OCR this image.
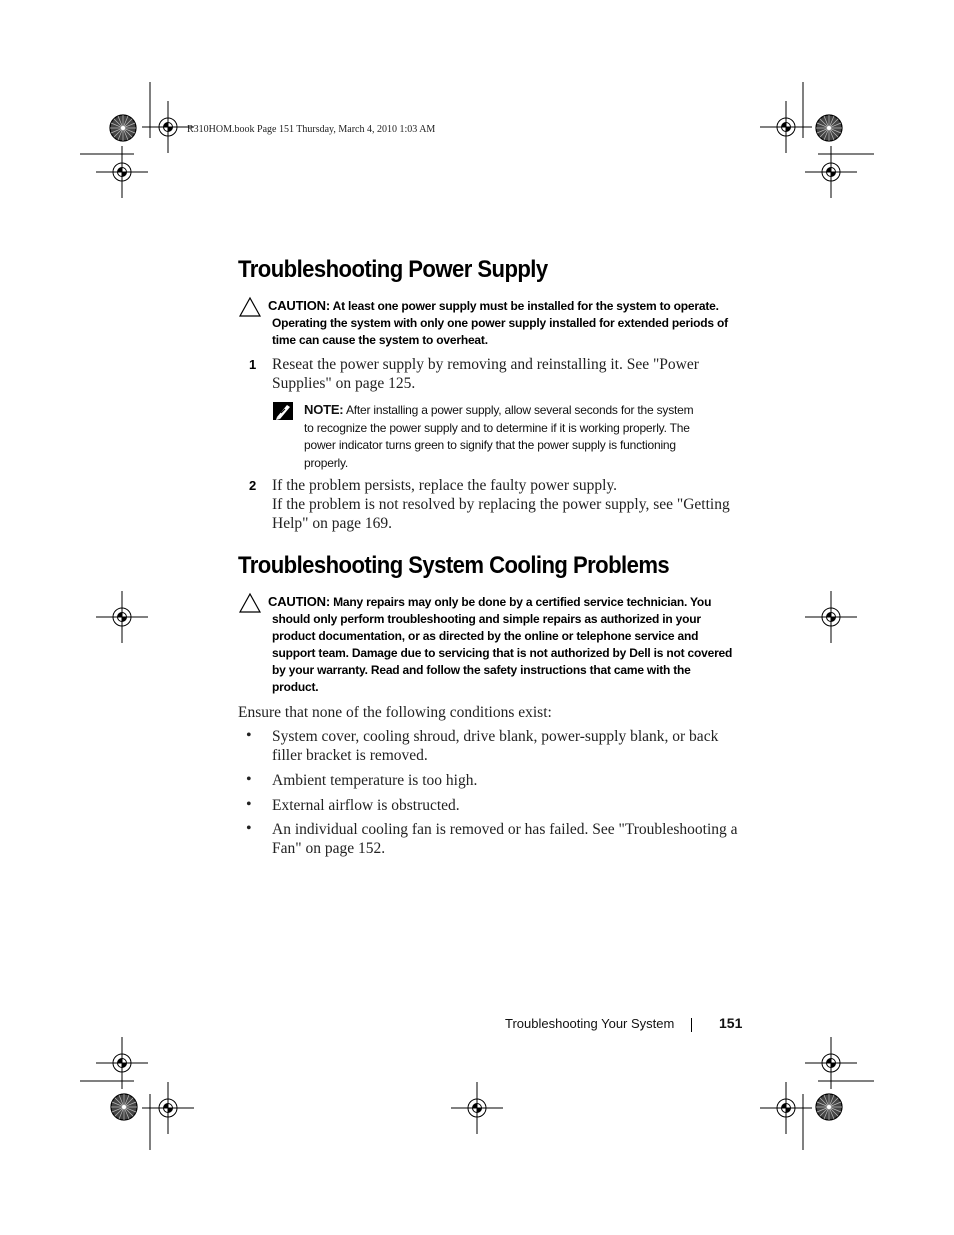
R310HOM.book Page 151 Thursday, March 4, 2010 1:03 AM
Troubleshooting Power Supply
CAUTION: At least one power supply must be installed for the system to operate.
Operating the system with only one power supply installed for extended periods of
time can cause the system to overheat.
1 Reseat the power supply by removing and reinstalling it. See "Power
Supplies" on page 125.
NOTE: After installing a power supply, allow several seconds for the system
to recognize the power supply and to determine if it is working properly. The
power indicator turns green to signify that the power supply is functioning
properly.
2 If the problem persists, replace the faulty power supply.
If the problem is not resolved by replacing the power supply, see "Getting
Help" on page 169.
Troubleshooting System Cooling Problems
CAUTION: Many repairs may only be done by a certified service technician. You
should only perform troubleshooting and simple repairs as authorized in your
product documentation, or as directed by the online or telephone service and
support team. Damage due to servicing that is not authorized by Dell is not covered
by your warranty. Read and follow the safety instructions that came with the
product.
Ensure that none of the following conditions exist:
• System cover, cooling shroud, drive blank, power-supply blank, or back
filler bracket is removed.
• Ambient temperature is too high.
• External airflow is obstructed.
• An individual cooling fan is removed or has failed. See "Troubleshooting a
Fan" on page 152.
Troubleshooting Your System	151
